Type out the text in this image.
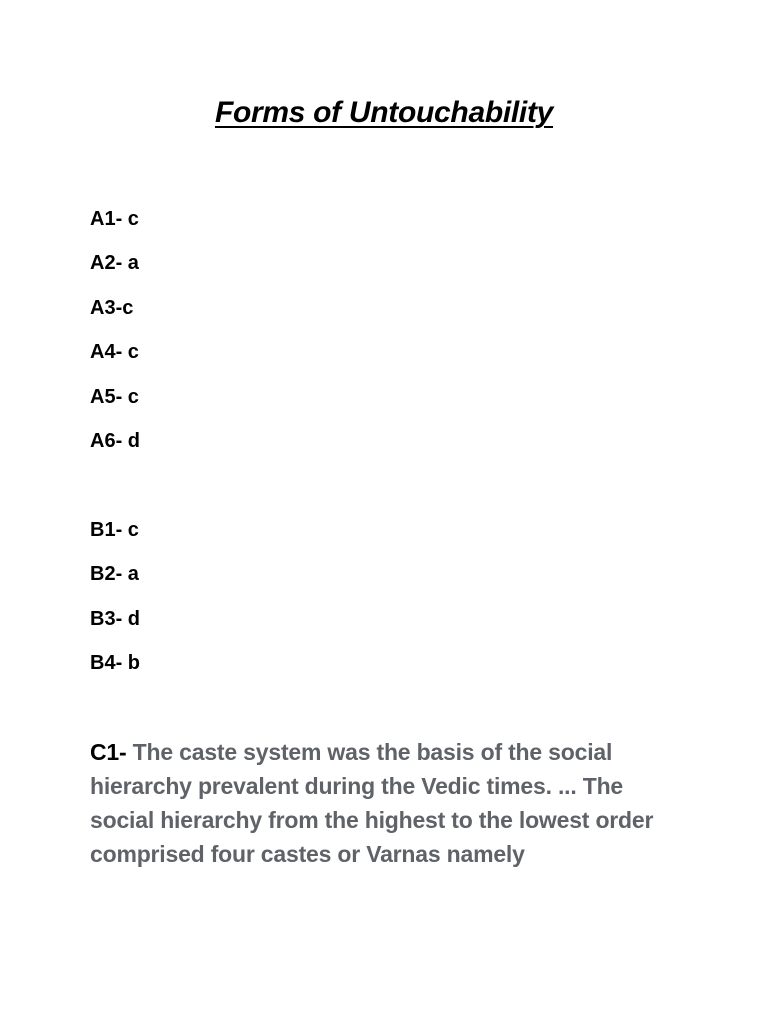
Forms of Untouchability
A1- c
A2- a
A3-c
A4- c
A5- c
A6- d
B1- c
B2- a
B3- d
B4- b
C1- The caste system was the basis of the social hierarchy prevalent during the Vedic times. ... The social hierarchy from the highest to the lowest order comprised four castes or Varnas namely
